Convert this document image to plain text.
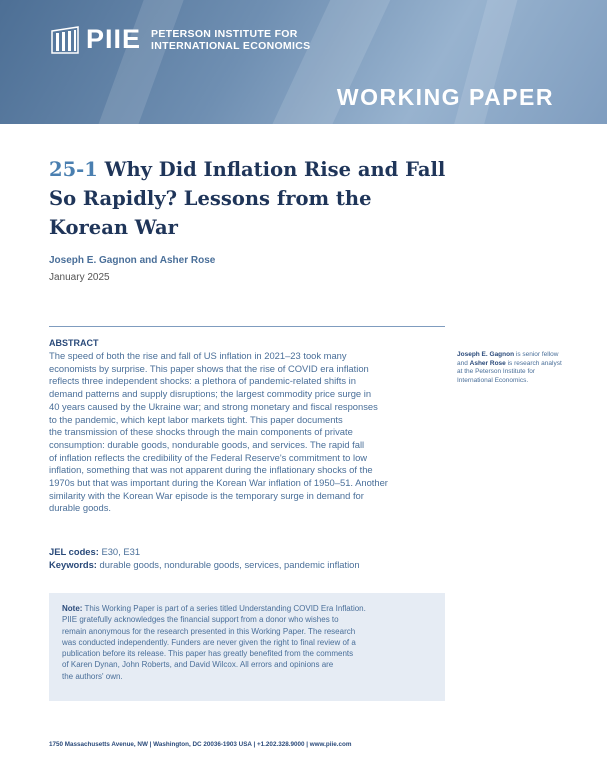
PIIE PETERSON INSTITUTE FOR
INTERNATIONAL ECONOMICS
WORKING PAPER
25-1 Why Did Inflation Rise and Fall
So Rapidly? Lessons from the
Korean War
Joseph E. Gagnon and Asher Rose
January 2025
ABSTRACT
The speed of both the rise and fall of US inflation in 2021–23 took many
economists by surprise. This paper shows that the rise of COVID era inflation
reflects three independent shocks: a plethora of pandemic-related shifts in
demand patterns and supply disruptions; the largest commodity price surge in
40 years caused by the Ukraine war; and strong monetary and fiscal responses
to the pandemic, which kept labor markets tight. This paper documents
the transmission of these shocks through the main components of private
consumption: durable goods, nondurable goods, and services. The rapid fall
of inflation reflects the credibility of the Federal Reserve's commitment to low
inflation, something that was not apparent during the inflationary shocks of the
1970s but that was important during the Korean War inflation of 1950–51. Another
similarity with the Korean War episode is the temporary surge in demand for
durable goods.
Joseph E. Gagnon is senior fellow and Asher Rose is research analyst at the Peterson Institute for International Economics.
JEL codes: E30, E31
Keywords: durable goods, nondurable goods, services, pandemic inflation
Note: This Working Paper is part of a series titled Understanding COVID Era Inflation.
PIIE gratefully acknowledges the financial support from a donor who wishes to
remain anonymous for the research presented in this Working Paper. The research
was conducted independently. Funders are never given the right to final review of a
publication before its release. This paper has greatly benefited from the comments
of Karen Dynan, John Roberts, and David Wilcox. All errors and opinions are
the authors' own.
1750 Massachusetts Avenue, NW | Washington, DC 20036-1903 USA | +1.202.328.9000 | www.piie.com
